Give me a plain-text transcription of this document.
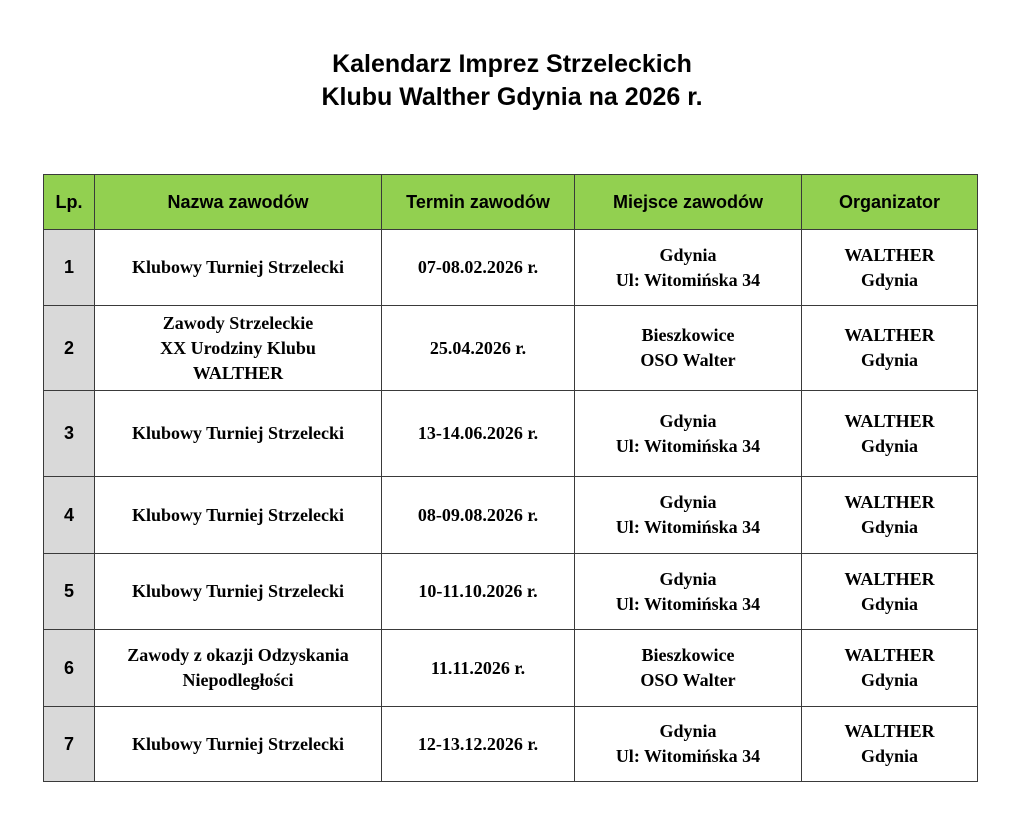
Kalendarz Imprez Strzeleckich
Klubu Walther Gdynia na 2026 r.
Lp.	Nazwa zawodów	Termin zawodów	Miejsce zawodów	Organizator
1	Klubowy Turniej Strzelecki	07-08.02.2026 r.	Gdynia
Ul: Witomińska 34	WALTHER
Gdynia

2	Zawody Strzeleckie
XX Urodziny Klubu
WALTHER	25.04.2026 r.	Bieszkowice
OSO Walter	WALTHER
Gdynia

3	Klubowy Turniej Strzelecki	13-14.06.2026 r.	Gdynia
Ul: Witomińska 34	WALTHER
Gdynia

4	Klubowy Turniej Strzelecki	08-09.08.2026 r.	Gdynia
Ul: Witomińska 34	WALTHER
Gdynia

5	Klubowy Turniej Strzelecki	10-11.10.2026 r.	Gdynia
Ul: Witomińska 34	WALTHER
Gdynia

6	Zawody z okazji Odzyskania
Niepodległości	11.11.2026 r.	Bieszkowice
OSO Walter	WALTHER
Gdynia

7	Klubowy Turniej Strzelecki	12-13.12.2026 r.	Gdynia
Ul: Witomińska 34	WALTHER
Gdynia
